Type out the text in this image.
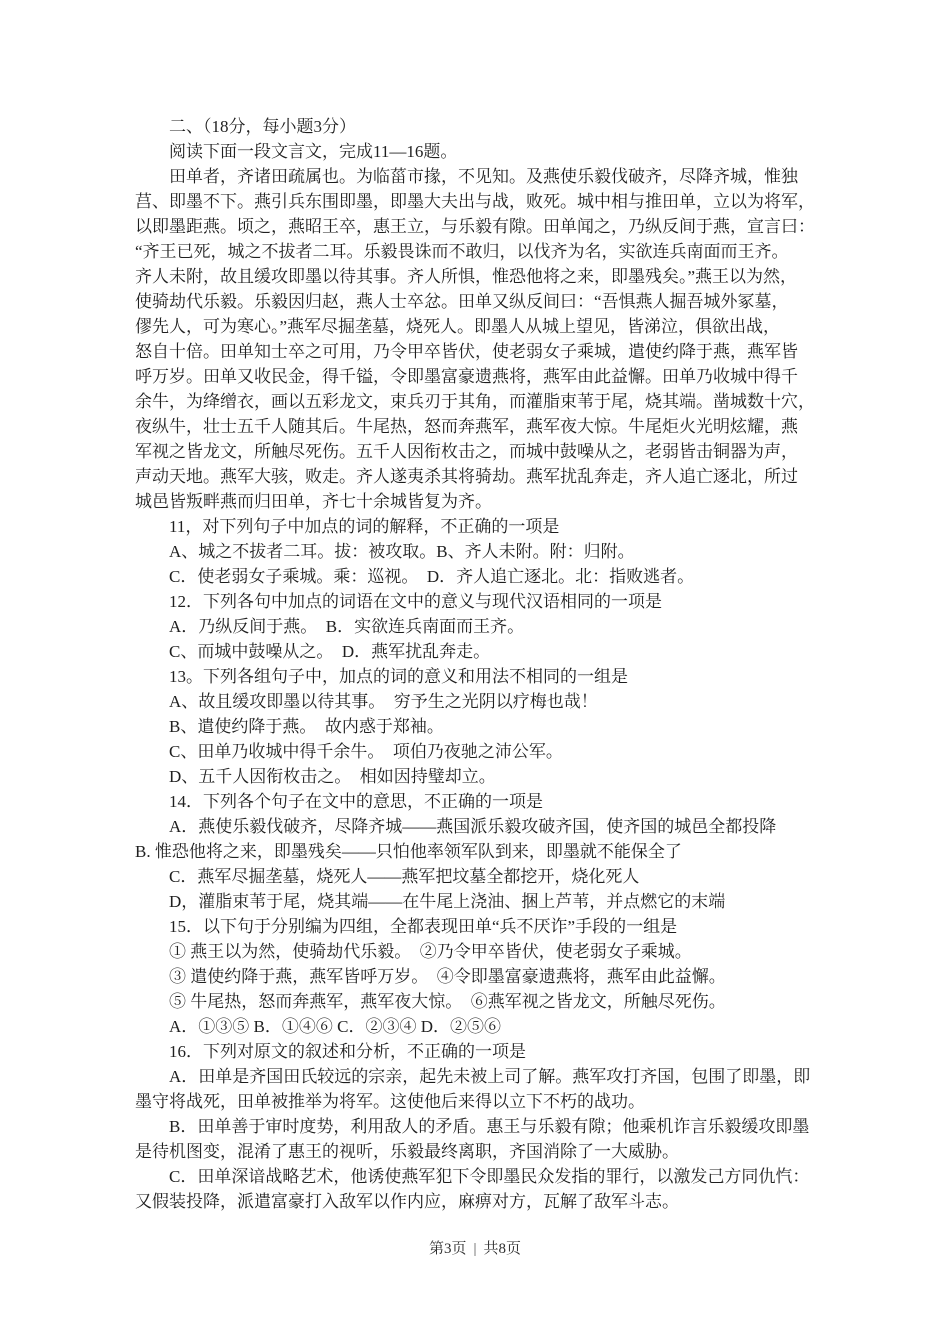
二、（18分，每小题3分）

阅读下面一段文言文，完成11—16题。

田单者，齐诸田疏属也。为临菑市掾，不见知。及燕使乐毅伐破齐，尽降齐城，惟独

莒、即墨不下。燕引兵东围即墨，即墨大夫出与战，败死。城中相与推田单，立以为将军，

以即墨距燕。顷之，燕昭王卒，惠王立，与乐毅有隙。田单闻之，乃纵反间于燕，宣言曰：

“齐王已死，城之不拔者二耳。乐毅畏诛而不敢归，以伐齐为名，实欲连兵南面而王齐。

齐人未附，故且缓攻即墨以待其事。齐人所惧，惟恐他将之来，即墨残矣。”燕王以为然，

使骑劫代乐毅。乐毅因归赵，燕人士卒忿。田单又纵反间曰：“吾惧燕人掘吾城外冢墓，

僇先人，可为寒心。”燕军尽掘垄墓，烧死人。即墨人从城上望见，皆涕泣，俱欲出战，

怒自十倍。田单知士卒之可用，乃令甲卒皆伏，使老弱女子乘城，遣使约降于燕，燕军皆

呼万岁。田单又收民金，得千镒，令即墨富豪遗燕将，燕军由此益懈。田单乃收城中得千

余牛，为绛缯衣，画以五彩龙文，束兵刃于其角，而灌脂束苇于尾，烧其端。凿城数十穴，

夜纵牛，壮士五千人随其后。牛尾热，怒而奔燕军，燕军夜大惊。牛尾炬火光明炫耀，燕

军视之皆龙文，所触尽死伤。五千人因衔枚击之，而城中鼓噪从之，老弱皆击铜器为声，

声动天地。燕军大骇，败走。齐人遂夷杀其将骑劫。燕军扰乱奔走，齐人追亡逐北，所过

城邑皆叛畔燕而归田单，齐七十余城皆复为齐。

11，对下列句子中加点的词的解释，不正确的一项是

A、城之不拔者二耳。拔：被攻取。B、齐人未附。附：归附。

C．使老弱女子乘城。乘：巡视。　D．齐人追亡逐北。北：指败逃者。

12．下列各句中加点的词语在文中的意义与现代汉语相同的一项是

A．乃纵反间于燕。　B．实欲连兵南面而王齐。

C、而城中鼓噪从之。　D．燕军扰乱奔走。

13。下列各组句子中，加点的词的意义和用法不相同的一组是

A、故且缓攻即墨以待其事。　穷予生之光阴以疗梅也哉！

B、遣使约降于燕。　故内惑于郑袖。

C、田单乃收城中得千余牛。　项伯乃夜驰之沛公军。

D、五千人因衔枚击之。　相如因持璧却立。

14．下列各个句子在文中的意思，不正确的一项是

A．燕使乐毅伐破齐，尽降齐城——燕国派乐毅攻破齐国，使齐国的城邑全都投降

B. 惟恐他将之来，即墨残矣——只怕他率领军队到来，即墨就不能保全了

C．燕军尽掘垄墓，烧死人——燕军把坟墓全都挖开，烧化死人

D，灌脂束苇于尾，烧其端——在牛尾上浇油、捆上芦苇，并点燃它的末端

15．以下句于分别编为四组，全都表现田单“兵不厌诈”手段的一组是

① 燕王以为然，使骑劫代乐毅。　②乃令甲卒皆伏，使老弱女子乘城。

③ 遣使约降于燕，燕军皆呼万岁。　④令即墨富豪遗燕将，燕军由此益懈。

⑤ 牛尾热，怒而奔燕军，燕军夜大惊。　⑥燕军视之皆龙文，所触尽死伤。

A．①③⑤ B．①④⑥ C．②③④ D．②⑤⑥

16．下列对原文的叙述和分析，不正确的一项是

A．田单是齐国田氏较远的宗亲，起先未被上司了解。燕军攻打齐国，包围了即墨，即

墨守将战死，田单被推举为将军。这使他后来得以立下不朽的战功。

B．田单善于审时度势，利用敌人的矛盾。惠王与乐毅有隙；他乘机诈言乐毅缓攻即墨

是待机图变，混淆了惠王的视听，乐毅最终离职，齐国消除了一大威胁。

C．田单深谙战略艺术，他诱使燕军犯下令即墨民众发指的罪行，以激发己方同仇忾：

又假装投降，派遣富豪打入敌军以作内应，麻痹对方，瓦解了敌军斗志。

第3页 | 共8页
